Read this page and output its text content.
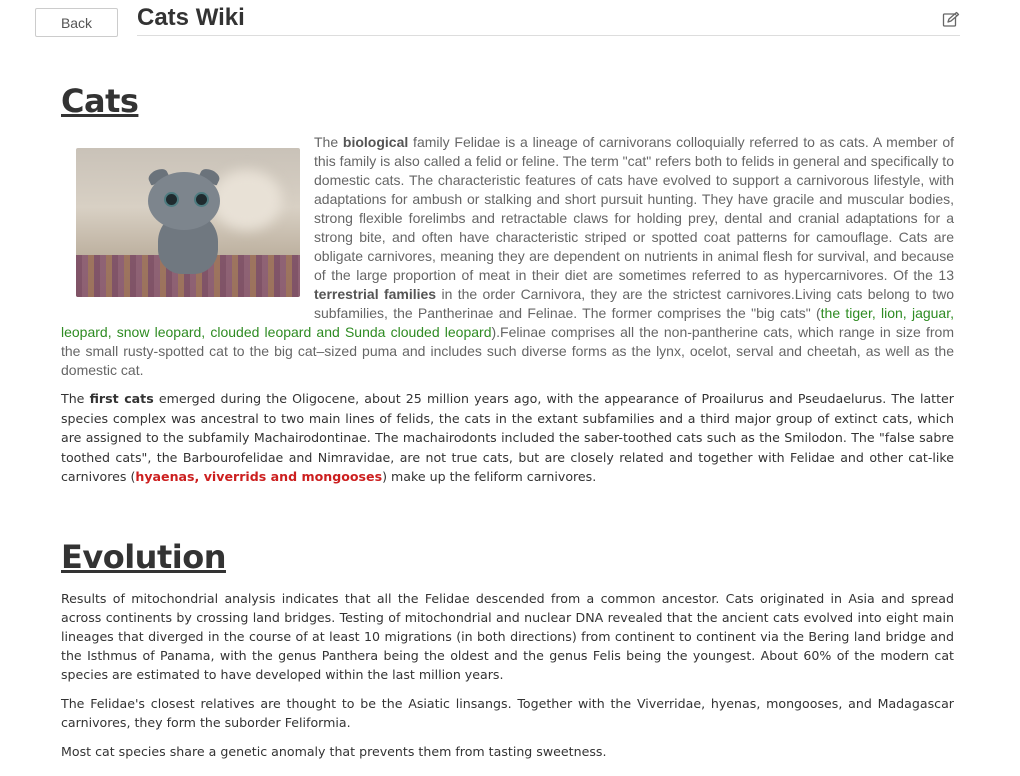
Back	Cats Wiki
Cats
The biological family Felidae is a lineage of carnivorans colloquially referred to as cats. A member of this family is also called a felid or feline. The term "cat" refers both to felids in general and specifically to domestic cats. The characteristic features of cats have evolved to support a carnivorous lifestyle, with adaptations for ambush or stalking and short pursuit hunting. They have gracile and muscular bodies, strong flexible forelimbs and retractable claws for holding prey, dental and cranial adaptations for a strong bite, and often have characteristic striped or spotted coat patterns for camouflage. Cats are obligate carnivores, meaning they are dependent on nutrients in animal flesh for survival, and because of the large proportion of meat in their diet are sometimes referred to as hypercarnivores. Of the 13 terrestrial families in the order Carnivora, they are the strictest carnivores.Living cats belong to two subfamilies, the Pantherinae and Felinae. The former comprises the "big cats" (the tiger, lion, jaguar, leopard, snow leopard, clouded leopard and Sunda clouded leopard).Felinae comprises all the non-pantherine cats, which range in size from the small rusty-spotted cat to the big cat–sized puma and includes such diverse forms as the lynx, ocelot, serval and cheetah, as well as the domestic cat.

The first cats emerged during the Oligocene, about 25 million years ago, with the appearance of Proailurus and Pseudaelurus. The latter species complex was ancestral to two main lines of felids, the cats in the extant subfamilies and a third major group of extinct cats, which are assigned to the subfamily Machairodontinae. The machairodonts included the saber-toothed cats such as the Smilodon. The "false sabre toothed cats", the Barbourofelidae and Nimravidae, are not true cats, but are closely related and together with Felidae and other cat-like carnivores (hyaenas, viverrids and mongooses) make up the feliform carnivores.

Evolution

Results of mitochondrial analysis indicates that all the Felidae descended from a common ancestor. Cats originated in Asia and spread across continents by crossing land bridges. Testing of mitochondrial and nuclear DNA revealed that the ancient cats evolved into eight main lineages that diverged in the course of at least 10 migrations (in both directions) from continent to continent via the Bering land bridge and the Isthmus of Panama, with the genus Panthera being the oldest and the genus Felis being the youngest. About 60% of the modern cat species are estimated to have developed within the last million years.

The Felidae's closest relatives are thought to be the Asiatic linsangs. Together with the Viverridae, hyenas, mongooses, and Madagascar carnivores, they form the suborder Feliformia.

Most cat species share a genetic anomaly that prevents them from tasting sweetness.
